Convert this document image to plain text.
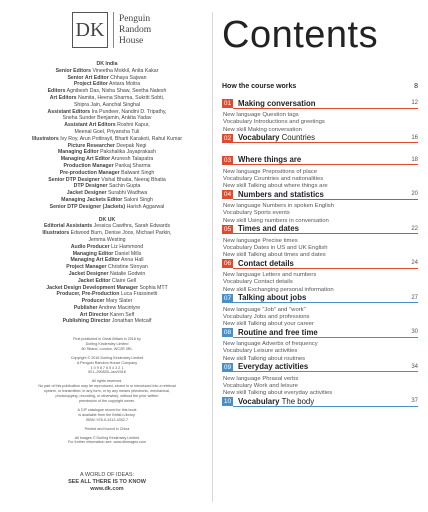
DK	Penguin
Random
House
DK India
Senior Editors Vineetha Mokkil, Anita Kakar
Senior Art Editor Chhaya Sajwan
Project Editor Antara Moitra
Editors Agnibesh Das, Nisha Shaw, Seetha Natesh
Art Editors Namita, Heena Sharma, Sukriti Sobti,
Shipra Jain, Aanchal Singhal
Assistant Editors Ira Pundeer, Nandini D. Tripathy,
Sneha Sunder Benjamin, Ankita Yadav
Assistant Art Editors Roshni Kapur,
Meenal Goel, Priyansha Tuli
Illustrators Ivy Roy, Arun Pottirayil, Bharti Karakoti, Rahul Kumar
Picture Researcher Deepak Negi
Managing Editor Pakshalika Jayaprakash
Managing Art Editor Arunesh Talapatra
Production Manager Pankaj Sharma
Pre-production Manager Balwant Singh
Senior DTP Designer Vishal Bhatia, Neeraj Bhatia
DTP Designer Sachin Gupta
Jacket Designer Surabhi Wadhwa
Managing Jackets Editor Saloni Singh
Senior DTP Designer (Jackets) Harish Aggarwal
DK UK
Editorial Assistants Jessica Cawthra, Sarah Edwards
Illustrators Edwood Burn, Denise Joos, Michael Parkin,
Jemma Westing
Audio Producer Liz Hammond
Managing Editor Daniel Mills
Managing Art Editor Anna Hall
Project Manager Christine Stroyan
Jacket Designer Natalie Godwin
Jacket Editor Claire Gell
Jacket Design Development Manager Sophia MTT
Producer, Pre-Production Luca Frassinetti
Producer Mary Slater
Publisher Andrew Macintyre
Art Director Karen Self
Publishing Director Jonathan Metcalf

First published in Great Britain in 2016 by
Dorling Kindersley Limited
80 Strand, London, WC2R 0RL

Copyright © 2016 Dorling Kindersley Limited
A Penguin Random House Company
1 0 9 8 7 6 5 4 3 2 1
001–290835–Jan/2016

All rights reserved.
No part of this publication may be reproduced, stored in or introduced into a retrieval
system, or transmitted, in any form, or by any means (electronic, mechanical,
photocopying, recording, or otherwise), without the prior written
permission of the copyright owner.

A CIP catalogue record for this book
is available from the British Library.
ISBN: 978-0-2412-4352-7

Printed and bound in China

All images © Dorling Kindersley Limited
For further information see: www.dkimages.com

A WORLD OF IDEAS:
SEE ALL THERE IS TO KNOW
www.dk.com
Contents
How the course works	8
01 Making conversation	12
New language Question tags
Vocabulary Introductions and greetings
New skill Making conversation
02 Vocabulary Countries	16
03 Where things are	18
New language Prepositions of place
Vocabulary Countries and nationalities
New skill Talking about where things are
04 Numbers and statistics	20
New language Numbers in spoken English
Vocabulary Sports events
New skill Using numbers in conversation
05 Times and dates	22
New language Precise times
Vocabulary Dates in US and UK English
New skill Talking about times and dates
06 Contact details	24
New language Letters and numbers
Vocabulary Contact details
New skill Exchanging personal information
07 Talking about jobs	27
New language "Job" and "work"
Vocabulary Jobs and professions
New skill Talking about your career
08 Routine and free time	30
New language Adverbs of frequency
Vocabulary Leisure activities
New skill Talking about routines
09 Everyday activities	34
New language Phrasal verbs
Vocabulary Work and leisure
New skill Talking about everyday activities
10 Vocabulary The body	37
